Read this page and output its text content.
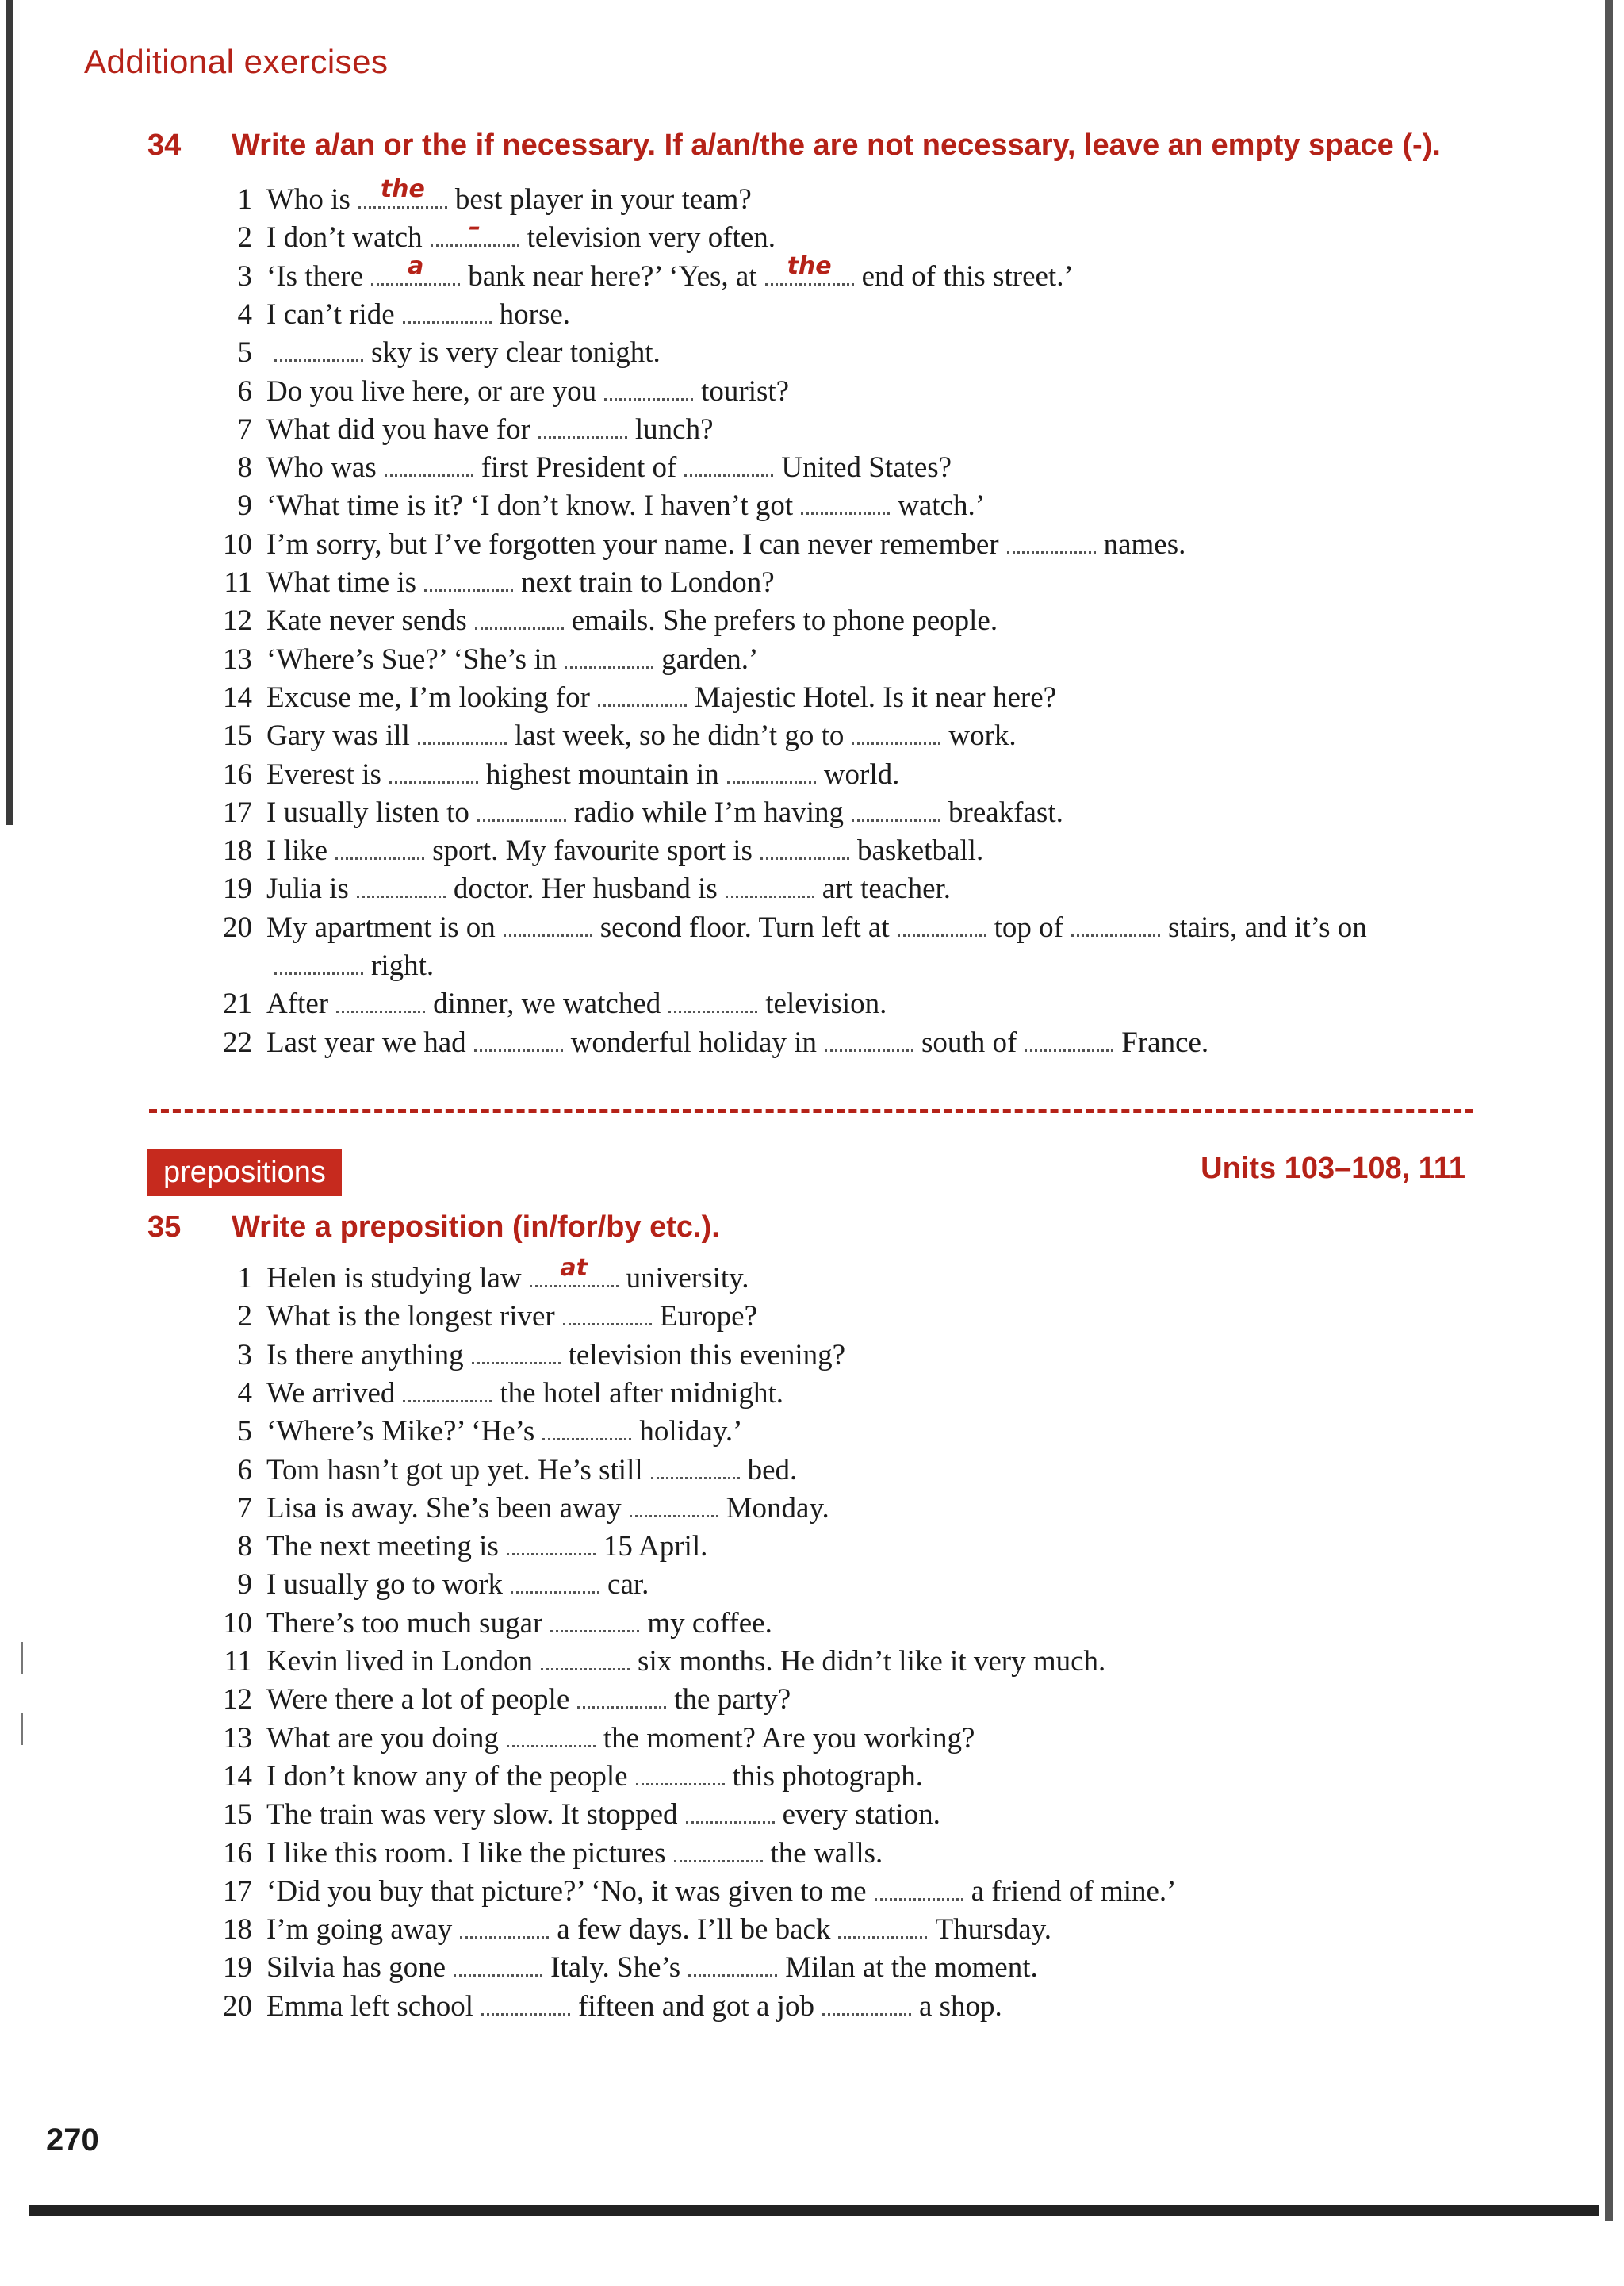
Additional exercises
34 Write a/an or the if necessary. If a/an/the are not necessary, leave an empty space (-).
1 Who is	the	best player in your team?
2 I don’t watch	–	television very often.
3 ‘Is there	a	bank near here?’ ‘Yes, at	the	end of this street.’
4 I can’t ride	horse.
5	sky is very clear tonight.
6 Do you live here, or are you	tourist?
7 What did you have for	lunch?
8 Who was	first President of	United States?
9 ‘What time is it? ‘I don’t know. I haven’t got	watch.’
10 I’m sorry, but I’ve forgotten your name. I can never remember	names.
11 What time is	next train to London?
12 Kate never sends	emails. She prefers to phone people.
13 ‘Where’s Sue?’ ‘She’s in	garden.’
14 Excuse me, I’m looking for	Majestic Hotel. Is it near here?
15 Gary was ill	last week, so he didn’t go to	work.
16 Everest is	highest mountain in	world.
17 I usually listen to	radio while I’m having	breakfast.
18 I like	sport. My favourite sport is	basketball.
19 Julia is	doctor. Her husband is	art teacher.
20 My apartment is on	second floor. Turn left at	top of	stairs, and it’s on
right.
21 After	dinner, we watched	television.
22 Last year we had	wonderful holiday in	south of	France.
prepositions	Units 103–108, 111
35 Write a preposition (in/for/by etc.).
1 Helen is studying law	at	university.
2 What is the longest river	Europe?
3 Is there anything	television this evening?
4 We arrived	the hotel after midnight.
5 ‘Where’s Mike?’ ‘He’s	holiday.’
6 Tom hasn’t got up yet. He’s still	bed.
7 Lisa is away. She’s been away	Monday.
8 The next meeting is	15 April.
9 I usually go to work	car.
10 There’s too much sugar	my coffee.
11 Kevin lived in London	six months. He didn’t like it very much.
12 Were there a lot of people	the party?
13 What are you doing	the moment? Are you working?
14 I don’t know any of the people	this photograph.
15 The train was very slow. It stopped	every station.
16 I like this room. I like the pictures	the walls.
17 ‘Did you buy that picture?’ ‘No, it was given to me	a friend of mine.’
18 I’m going away	a few days. I’ll be back	Thursday.
19 Silvia has gone	Italy. She’s	Milan at the moment.
20 Emma left school	fifteen and got a job	a shop.
270
